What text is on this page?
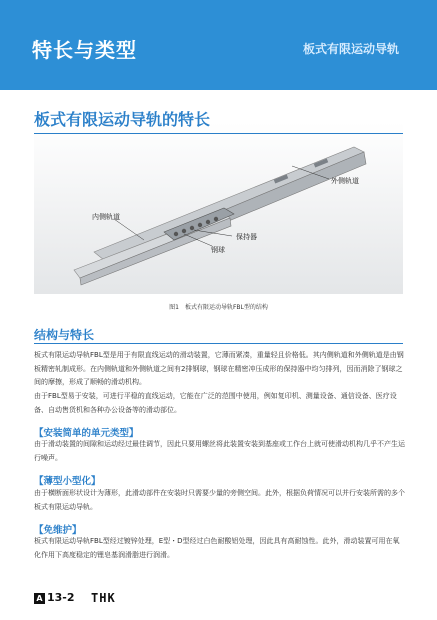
特长与类型	板式有限运动导轨
外侧轨道
内侧轨道
保持器
钢球
板式有限运动导轨的特长
图1　板式有限运动导轨FBL型的结构
结构与特长
板式有限运动导轨FBL型是用于有限直线运动的滑动装置，它薄而紧凑，重量轻且价格低。其内侧轨道和外侧轨道是由钢板精密轧制成形。在内侧轨道和外侧轨道之间有2排钢球，钢球在精密冲压成形的保持器中均匀排列，因而消除了钢球之间的摩擦，形成了顺畅的滑动机构。
由于FBL型易于安装，可进行平稳的直线运动，它能在广泛的范围中使用，例如复印机、测量设备、通信设备、医疗设备、自动售货机和各种办公设备等的滑动部位。
【安装简单的单元类型】
由于滑动装置的间隙和运动经过最佳调节，因此只要用螺丝将此装置安装到基座或工作台上就可使滑动机构几乎不产生运行噪声。
【薄型小型化】
由于横断面形状设计为薄形，此滑动部件在安装时只需要少量的旁侧空间。此外，根据负荷情况可以并行安装所需的多个板式有限运动导轨。
【免维护】
板式有限运动导轨FBL型经过镀锌处理，E型・D型经过白色耐酸铝处理，因此具有高耐蚀性。此外，滑动装置可用在氧化作用下高度稳定的锂皂基润滑脂进行润滑。
A 13-2 THK
